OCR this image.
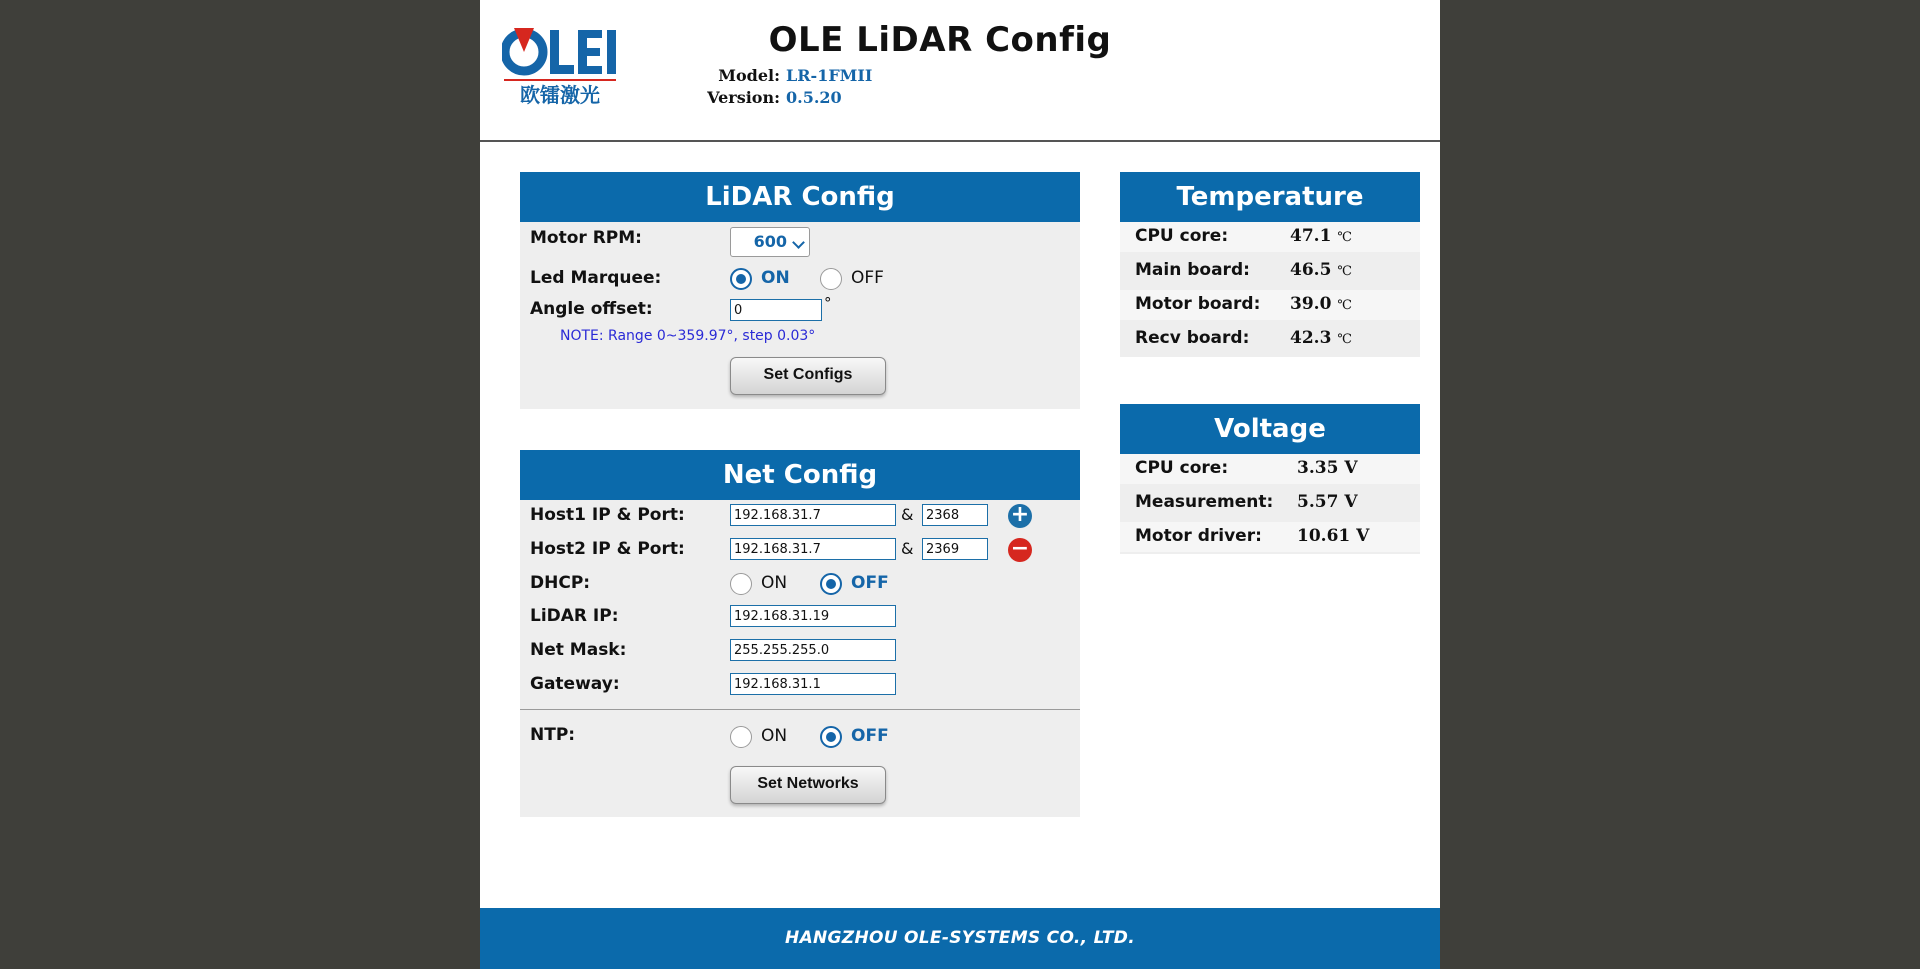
欧镭激光
OLE LiDAR Config
Model: LR-1FMII
Version: 0.5.20
LiDAR Config
Motor RPM:	600
Led Marquee:	ON	OFF
Angle offset:
0	°
NOTE: Range 0~359.97°, step 0.03°
Set Configs
Net Config
Host1 IP & Port:
192.168.31.7	&
2368	+
Host2 IP & Port:
192.168.31.7	&
2369	−
DHCP:	ON	OFF
LiDAR IP:
192.168.31.19
Net Mask:
255.255.255.0
Gateway:
192.168.31.1
NTP:	ON	OFF
Set Networks
Temperature
CPU core:	47.1 ℃
Main board: 46.5 ℃
Motor board: 39.0 ℃
Recv board: 42.3 ℃
Voltage
CPU core:	3.35 V
Measurement: 5.57 V
Motor driver: 10.61 V
HANGZHOU OLE-SYSTEMS CO., LTD.
